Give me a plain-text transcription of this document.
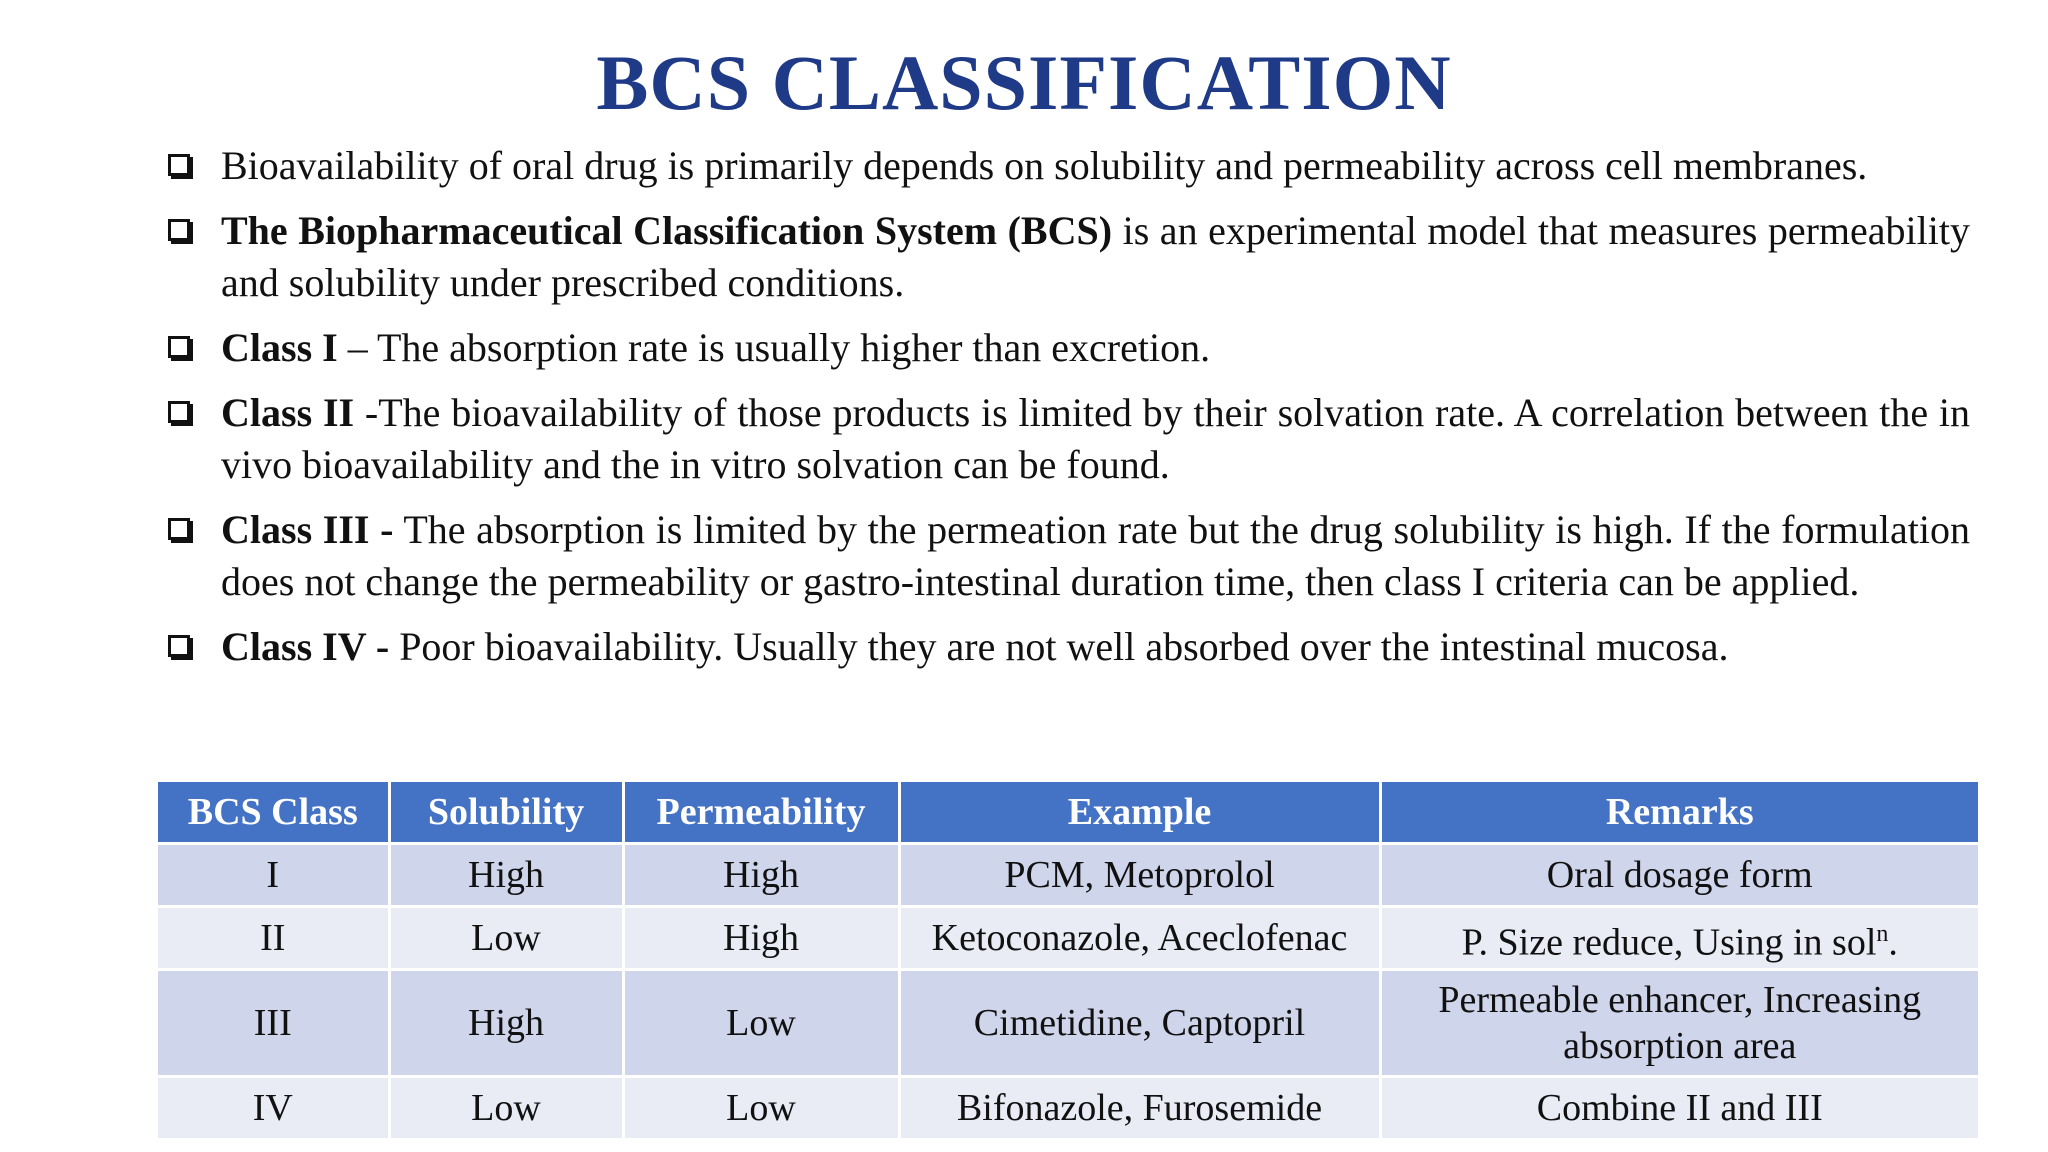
BCS CLASSIFICATION
Bioavailability of oral drug is primarily depends on solubility and permeability across cell membranes.
The Biopharmaceutical Classification System (BCS) is an experimental model that measures permeability and solubility under prescribed conditions.
Class I – The absorption rate is usually higher than excretion.
Class II -The bioavailability of those products is limited by their solvation rate. A correlation between the in vivo bioavailability and the in vitro solvation can be found.
Class III - The absorption is limited by the permeation rate but the drug solubility is high. If the formulation does not change the permeability or gastro-intestinal duration time, then class I criteria can be applied.
Class IV - Poor bioavailability. Usually they are not well absorbed over the intestinal mucosa.
BCS Class	Solubility	Permeability	Example	Remarks
I	High	High	PCM, Metoprolol	Oral dosage form
II	Low	High	Ketoconazole, Aceclofenac	P. Size reduce, Using in sol$^n$.
III	High	Low	Cimetidine, Captopril	Permeable enhancer, Increasing absorption area
IV	Low	Low	Bifonazole, Furosemide	Combine II and III
